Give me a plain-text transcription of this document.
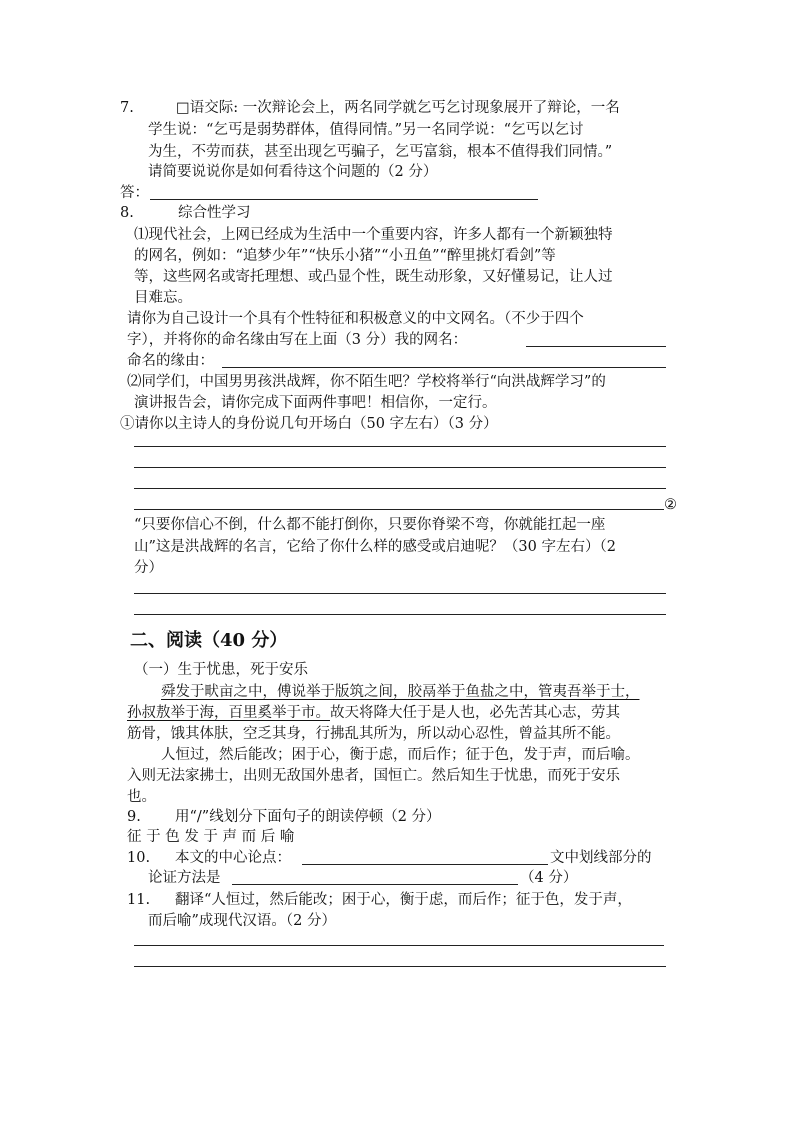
7.	□语交际: 一次辩论会上，两名同学就乞丐乞讨现象展开了辩论，一名
学生说：“乞丐是弱势群体，值得同情。”另一名同学说：“乞丐以乞讨
为生，不劳而获，甚至出现乞丐骗子，乞丐富翁，根本不值得我们同情。”
请简要说说你是如何看待这个问题的（2 分）
答：
8.	综合性学习
⑴现代社会，上网已经成为生活中一个重要内容，许多人都有一个新颖独特
的网名，例如：“追梦少年”“快乐小猪”“小丑鱼”“醉里挑灯看剑”等
等，这些网名或寄托理想、或凸显个性，既生动形象，又好懂易记，让人过
目难忘。
请你为自己设计一个具有个性特征和积极意义的中文网名。（不少于四个
字），并将你的命名缘由写在上面（3 分）我的网名：
命名的缘由：
⑵同学们，中国男男孩洪战辉，你不陌生吧？学校将举行“向洪战辉学习”的
演讲报告会，请你完成下面两件事吧！相信你，一定行。
①请你以主诗人的身份说几句开场白（50 字左右）（3 分）
②
“只要你信心不倒，什么都不能打倒你，只要你脊梁不弯，你就能扛起一座
山”这是洪战辉的名言，它给了你什么样的感受或启迪呢？（30 字左右）（2
分）
二、阅读（40 分）
（一）生于忧患，死于安乐
舜发于畎亩之中，傅说举于版筑之间，胶鬲举于鱼盐之中，管夷吾举于士，
孙叔敖举于海，百里奚举于市。故天将降大任于是人也，必先苦其心志，劳其
筋骨，饿其体肤，空乏其身，行拂乱其所为，所以动心忍性，曾益其所不能。
人恒过，然后能改；困于心，衡于虑，而后作；征于色，发于声，而后喻。
入则无法家拂士，出则无敌国外患者，国恒亡。然后知生于忧患，而死于安乐
也。
9. 用“/”线划分下面句子的朗读停顿（2 分）
征 于 色 发 于 声 而 后 喻
10. 本文的中心论点：	文中划线部分的
论证方法是	（4 分）
11. 翻译“人恒过，然后能改；困于心，衡于虑，而后作；征于色，发于声，
而后喻”成现代汉语。（2 分）
